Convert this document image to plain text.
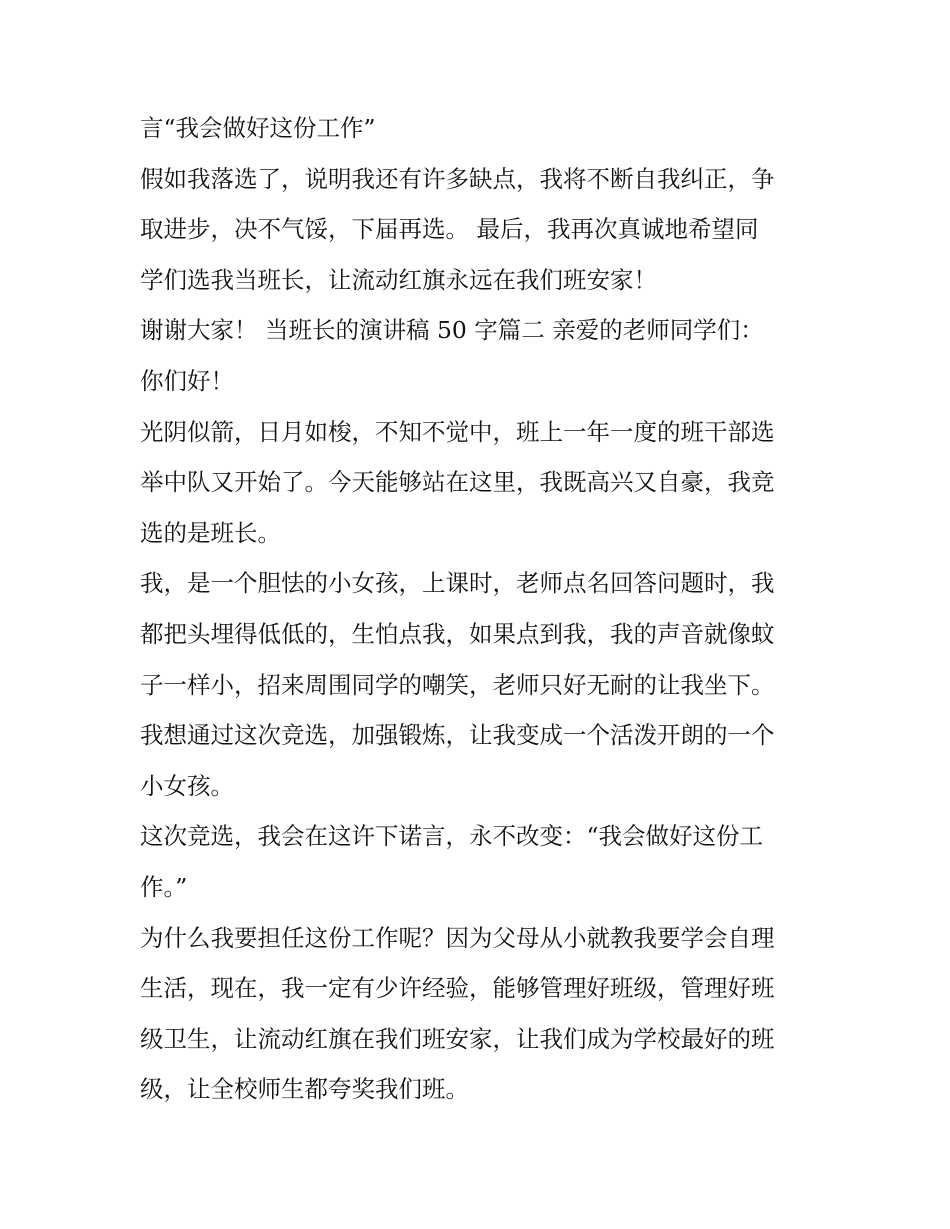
言“我会做好这份工作”
假如我落选了，说明我还有许多缺点，我将不断自我纠正，争
取进步，决不气馁，下届再选。 最后，我再次真诚地希望同
学们选我当班长，让流动红旗永远在我们班安家！
谢谢大家！ 当班长的演讲稿 50 字篇二 亲爱的老师同学们：
你们好！
光阴似箭，日月如梭，不知不觉中，班上一年一度的班干部选
举中队又开始了。今天能够站在这里，我既高兴又自豪，我竞
选的是班长。
我，是一个胆怯的小女孩，上课时，老师点名回答问题时，我
都把头埋得低低的，生怕点我，如果点到我，我的声音就像蚊
子一样小，招来周围同学的嘲笑，老师只好无耐的让我坐下。
我想通过这次竞选，加强锻炼，让我变成一个活泼开朗的一个
小女孩。
这次竞选，我会在这许下诺言，永不改变：“我会做好这份工
作。”
为什么我要担任这份工作呢？因为父母从小就教我要学会自理
生活，现在，我一定有少许经验，能够管理好班级，管理好班
级卫生，让流动红旗在我们班安家，让我们成为学校最好的班
级，让全校师生都夸奖我们班。
